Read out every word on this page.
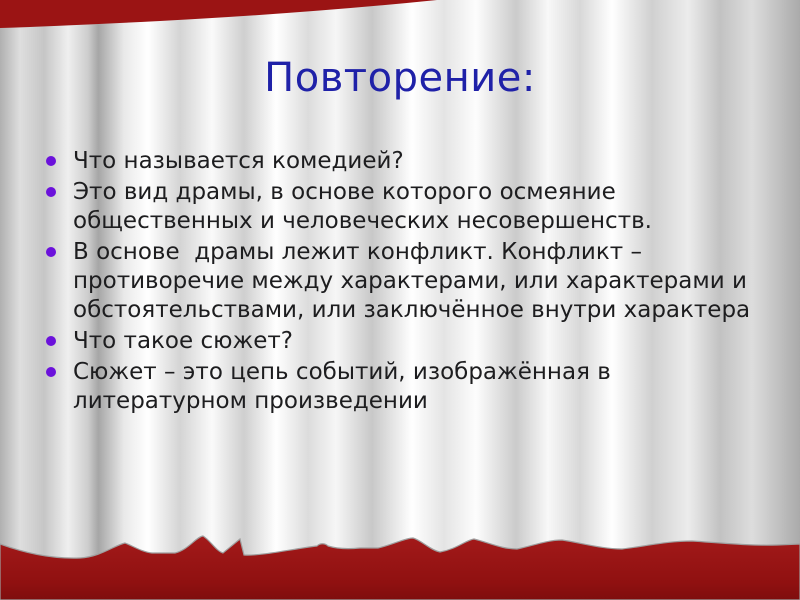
Повторение:
Что называется комедией?
Это вид драмы, в основе которого осмеяние общественных и человеческих несовершенств.
В основе  драмы лежит конфликт. Конфликт – противоречие между характерами, или характерами и обстоятельствами, или заключённое внутри характера
Что такое сюжет?
Сюжет – это цепь событий, изображённая в литературном произведении
